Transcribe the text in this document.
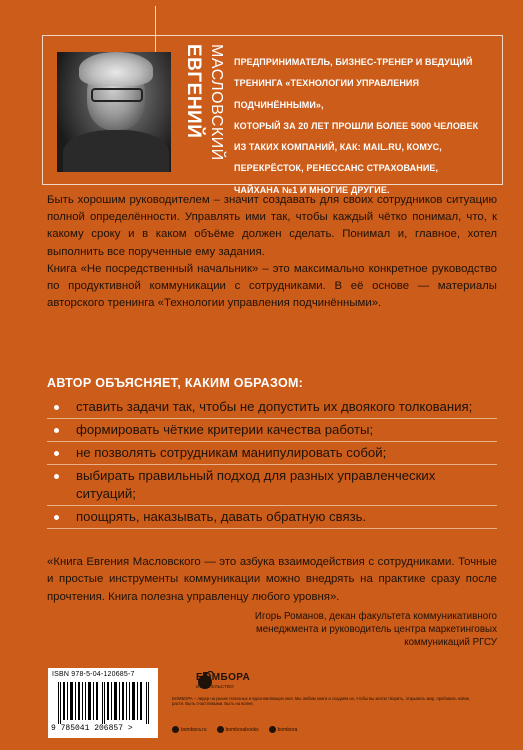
ЕВГЕНИЙ МАСЛОВСКИЙ ПРЕДПРИНИМАТЕЛЬ, БИЗНЕС-ТРЕНЕР И ВЕДУЩИЙ
ТРЕНИНГА «ТЕХНОЛОГИИ УПРАВЛЕНИЯ ПОДЧИНЁННЫМИ»,
КОТОРЫЙ ЗА 20 ЛЕТ ПРОШЛИ БОЛЕЕ 5000 ЧЕЛОВЕК
ИЗ ТАКИХ КОМПАНИЙ, КАК: MAIL.RU, КОМУС,
ПЕРЕКРЁСТОК, РЕНЕССАНС СТРАХОВАНИЕ,
ЧАЙХАНА №1 И МНОГИЕ ДРУГИЕ.

Быть хорошим руководителем – значит создавать для своих сотрудников ситуацию полной определённости. Управлять ими так, чтобы каждый чётко понимал, что, к какому сроку и в каком объёме должен сделать. Понимал и, главное, хотел выполнить все порученные ему задания.

Книга «Не посредственный начальник» – это максимально конкретное руководство по продуктивной коммуникации с сотрудниками. В её основе — материалы авторского тренинга «Технологии управления подчинёнными».

АВТОР ОБЪЯСНЯЕТ, КАКИМ ОБРАЗОМ:
ставить задачи так, чтобы не допустить их двоякого толкования;
формировать чёткие критерии качества работы;
не позволять сотрудникам манипулировать собой;
выбирать правильный подход для разных управленческих ситуаций;
поощрять, наказывать, давать обратную связь.
«Книга Евгения Масловского — это азбука взаимодействия с сотрудниками. Точные и простые инструменты коммуникации можно внедрять на практике сразу после прочтения. Книга полезна управленцу любого уровня».
Игорь Романов, декан факультета коммуникативного менеджмента и руководитель центра маркетинговых коммуникаций РГСУ
ISBN 978-5-04-120685-7
9 785041 206857 >
БОМБОРА
ИЗДАТЕЛЬСТВО
БОМБОРА – лидер на рынке полезных и вдохновляющих книг. Мы любим книги и создаём их, чтобы вы могли творить, открывать мир, пробовать новое, расти. Быть счастливыми. Быть на волне.
bombora.ru	bomborabooks	bombora
